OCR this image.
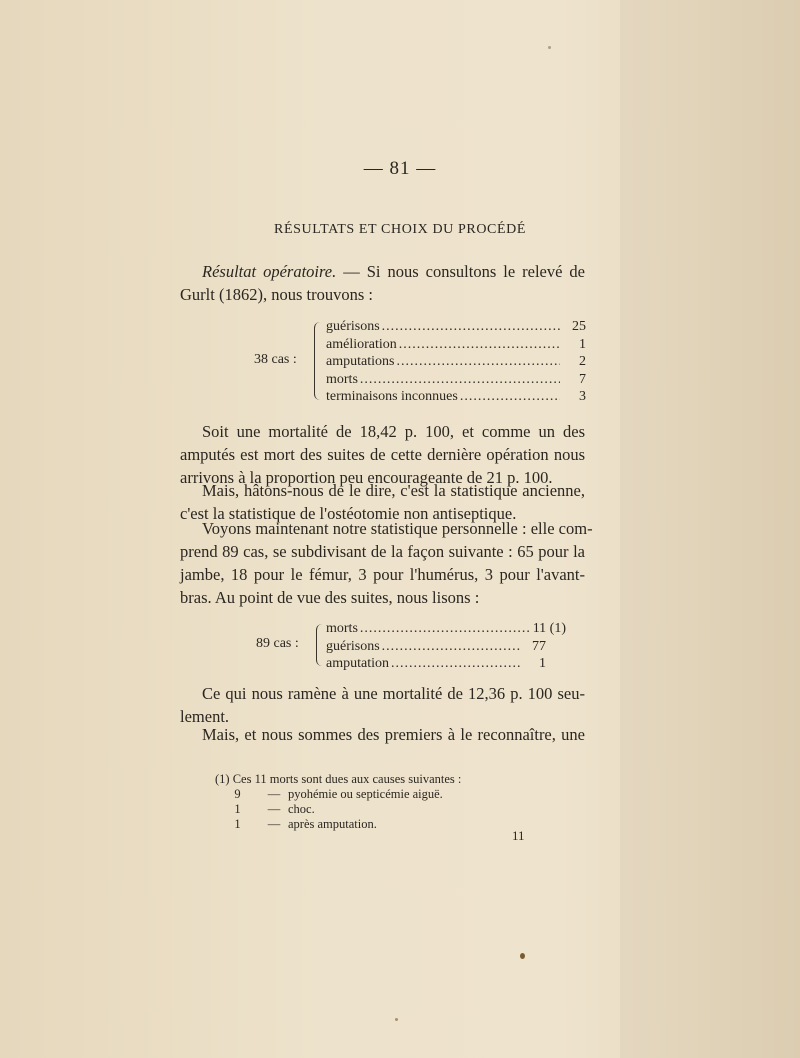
— 81 —
RÉSULTATS ET CHOIX DU PROCÉDÉ
Résultat opératoire. — Si nous consultons le relevé de
Gurlt (1862), nous trouvons :
38 cas :
guérisons .....	25
amélioration .....	1
amputations .....	2
morts .....	7
terminaisons inconnues .....	3
Soit une mortalité de 18,42 p. 100, et comme un des
amputés est mort des suites de cette dernière opération nous
arrivons à la proportion peu encourageante de 21 p. 100.
Mais, hâtons-nous de le dire, c'est la statistique ancienne,
c'est la statistique de l'ostéotomie non antiseptique.
Voyons maintenant notre statistique personnelle : elle com-
prend 89 cas, se subdivisant de la façon suivante : 65 pour la
jambe, 18 pour le fémur, 3 pour l'humérus, 3 pour l'avant-
bras. Au point de vue des suites, nous lisons :
89 cas :
morts .....	11 (1)
guérisons .....	77
amputation .....	1
Ce qui nous ramène à une mortalité de 12,36 p. 100 seu-
lement.
Mais, et nous sommes des premiers à le reconnaître, une
(1) Ces 11 morts sont dues aux causes suivantes :
9	— pyohémie ou septicémie aiguë.
1	— choc.
1	— après amputation.
11
